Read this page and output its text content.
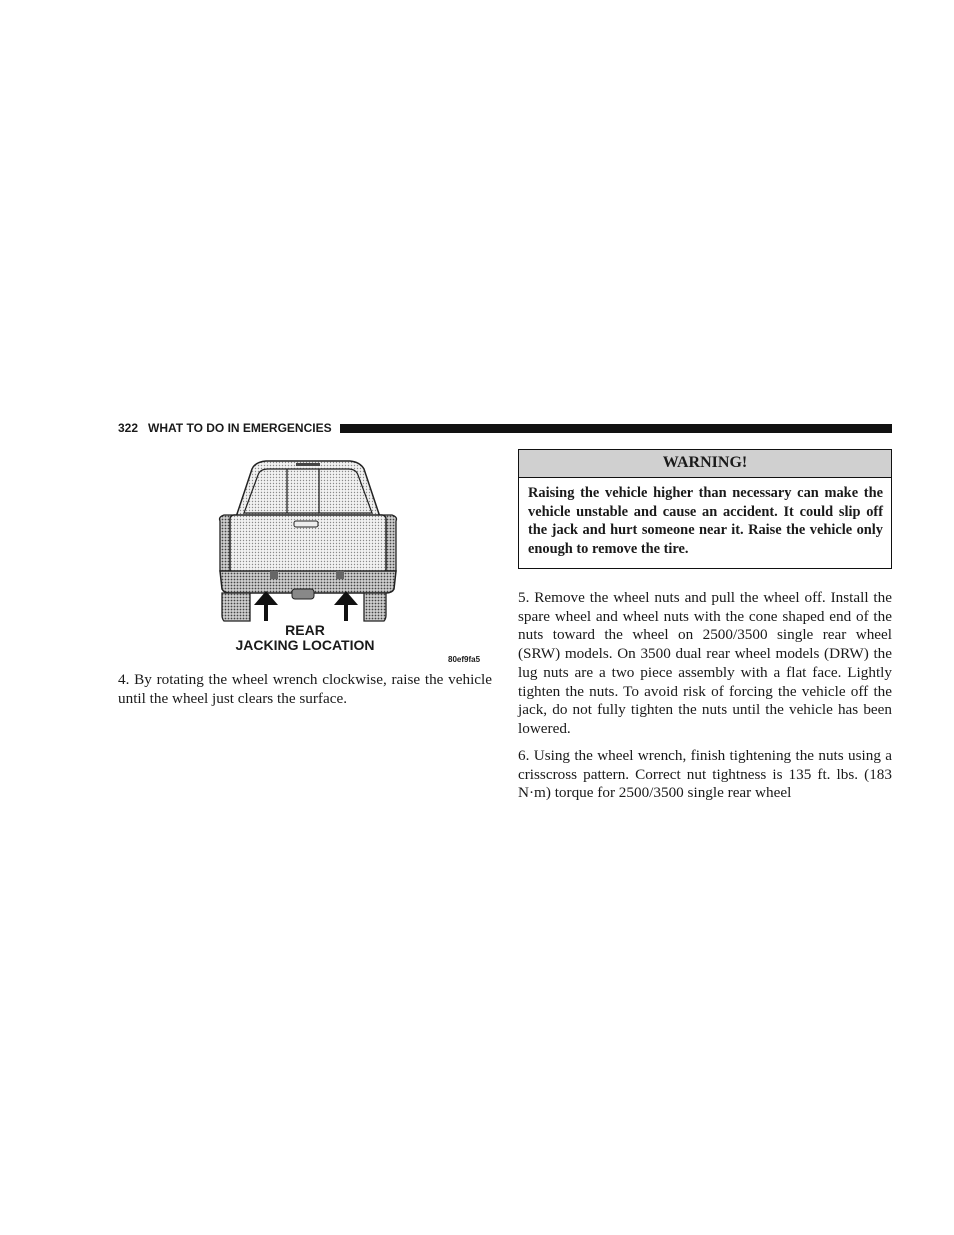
322 WHAT TO DO IN EMERGENCIES
REAR
JACKING LOCATION
80ef9fa5

4. By rotating the wheel wrench clockwise, raise the vehicle until the wheel just clears the surface.

WARNING!
Raising the vehicle higher than necessary can make the vehicle unstable and cause an accident. It could slip off the jack and hurt someone near it. Raise the vehicle only enough to remove the tire.

5. Remove the wheel nuts and pull the wheel off. Install the spare wheel and wheel nuts with the cone shaped end of the nuts toward the wheel on 2500/3500 single rear wheel (SRW) models. On 3500 dual rear wheel models (DRW) the lug nuts are a two piece assembly with a flat face. Lightly tighten the nuts. To avoid risk of forcing the vehicle off the jack, do not fully tighten the nuts until the vehicle has been lowered.

6. Using the wheel wrench, finish tightening the nuts using a crisscross pattern. Correct nut tightness is 135 ft. lbs. (183 N·m) torque for 2500/3500 single rear wheel
